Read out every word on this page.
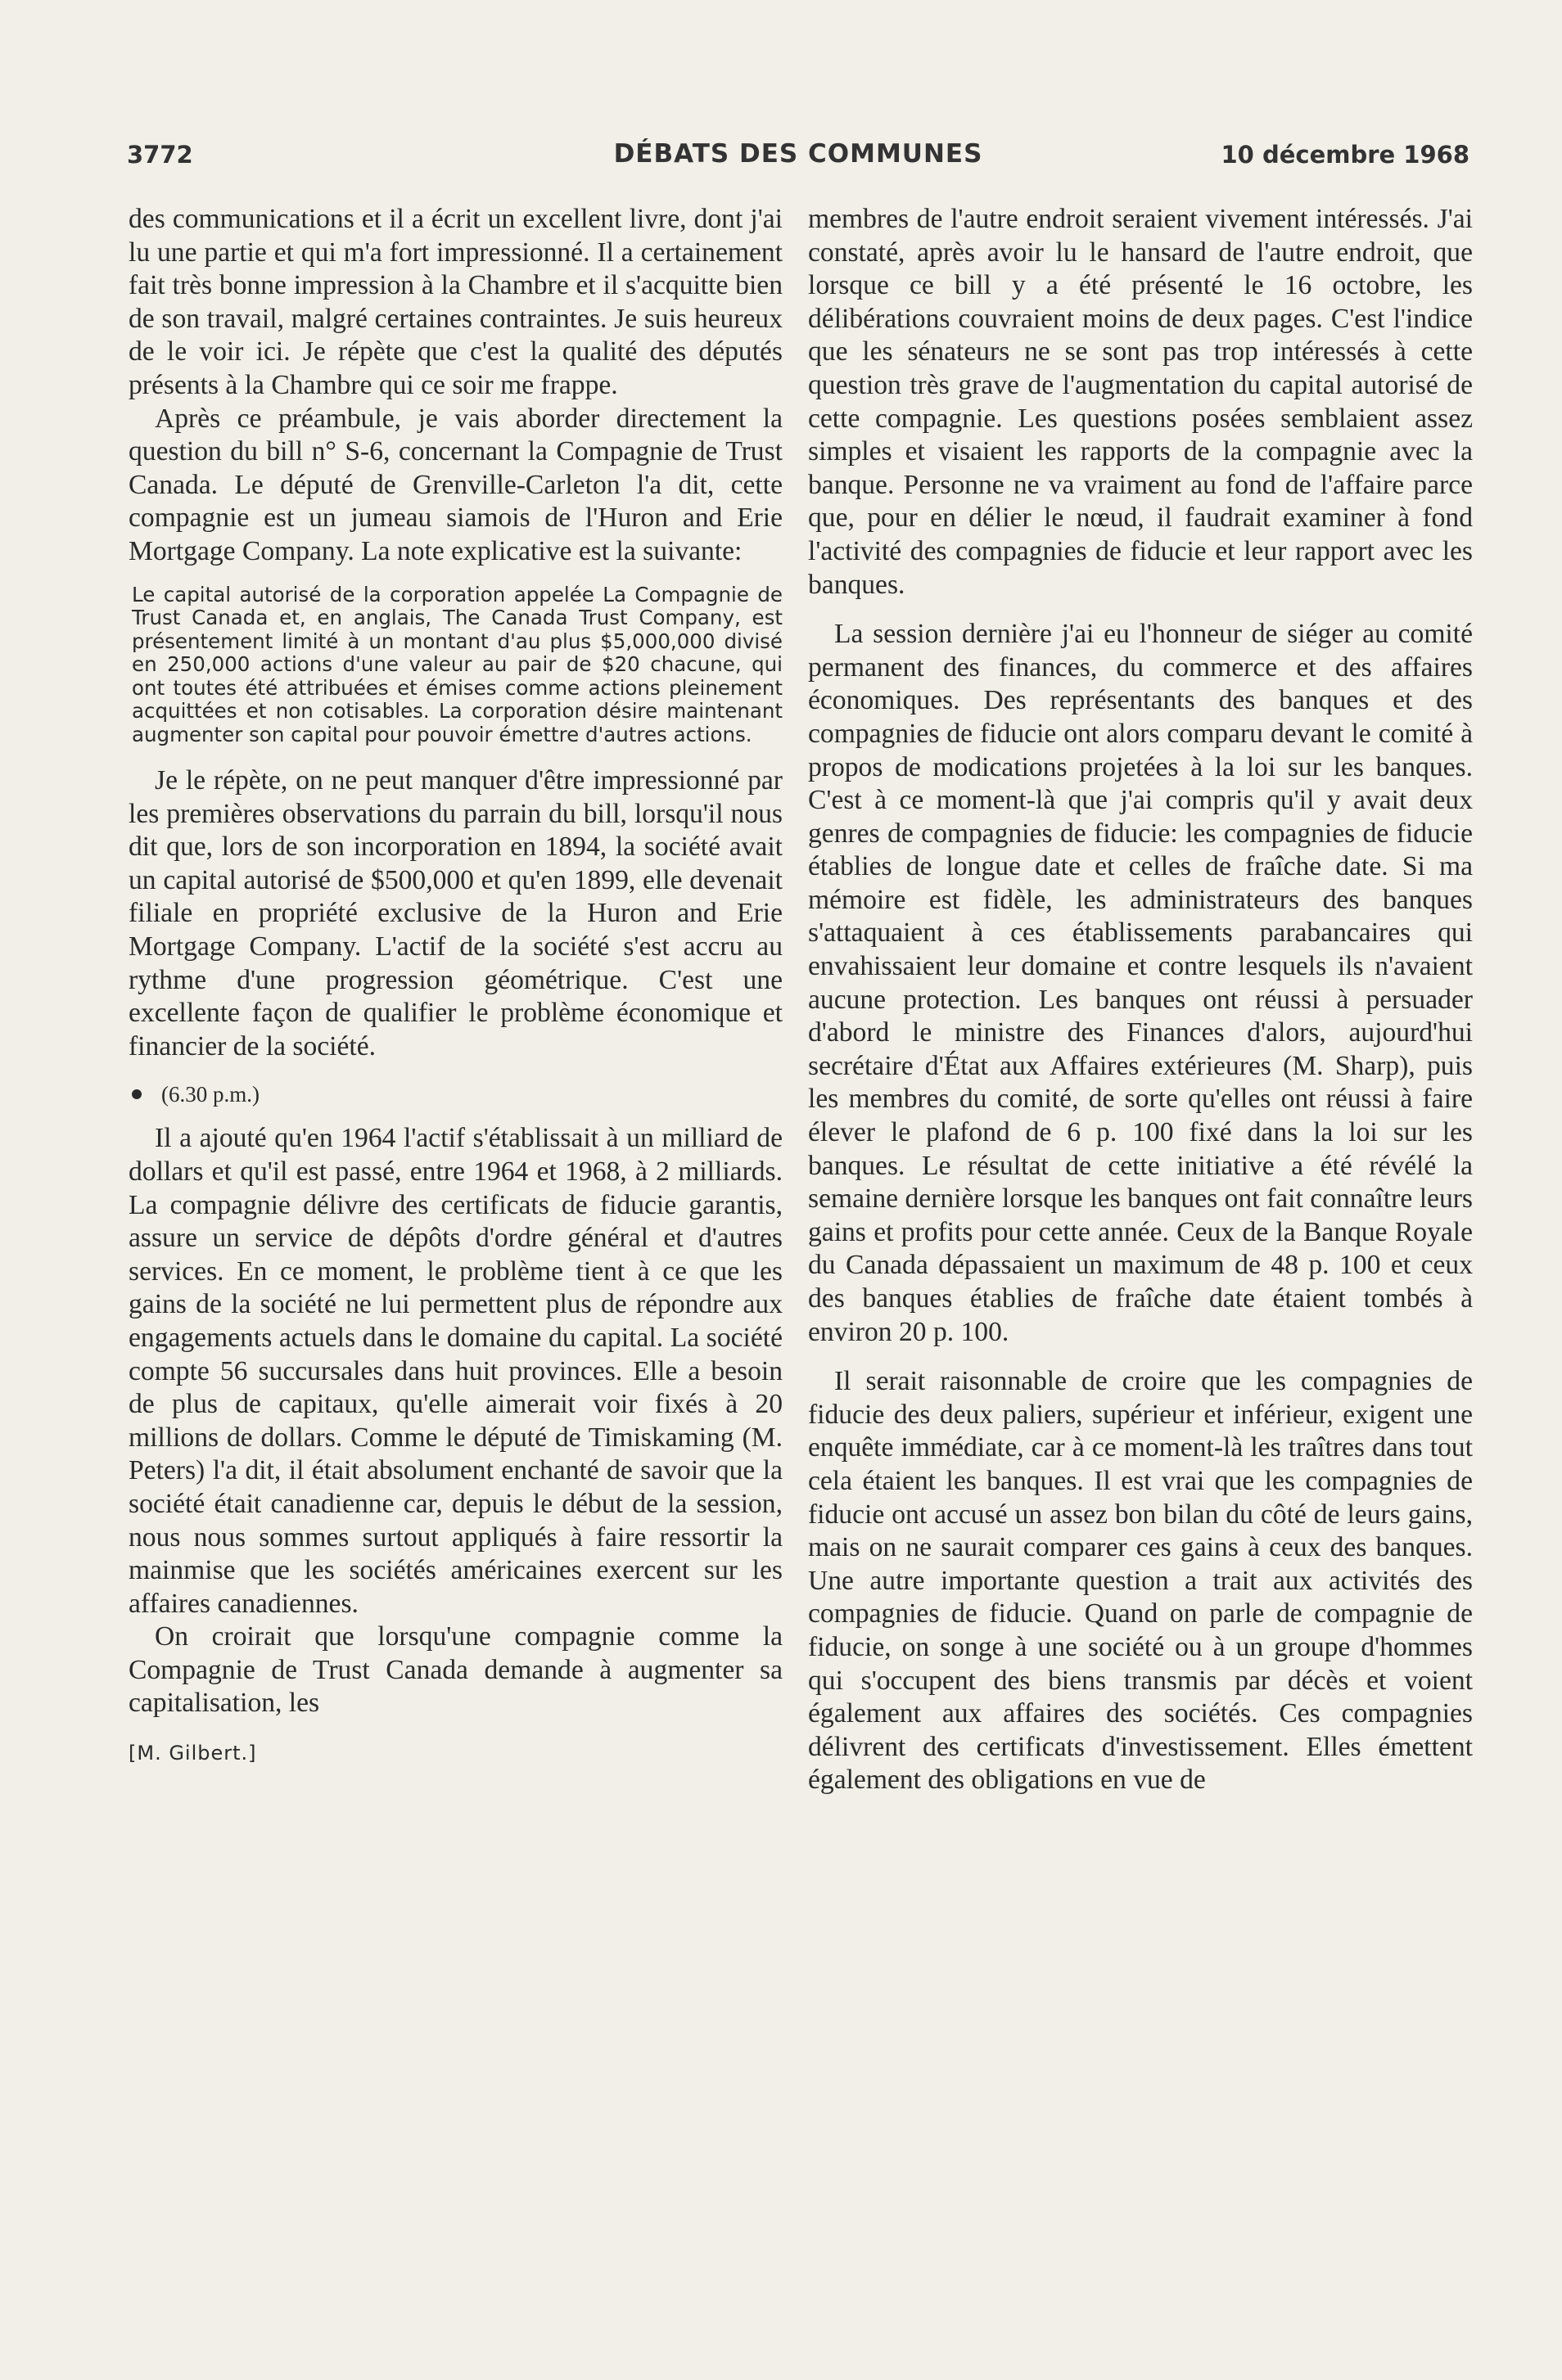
3772	DÉBATS DES COMMUNES	10 décembre 1968

des communications et il a écrit un excellent livre, dont j'ai lu une partie et qui m'a fort impressionné. Il a certainement fait très bonne impression à la Chambre et il s'acquitte bien de son travail, malgré certaines contraintes. Je suis heureux de le voir ici. Je répète que c'est la qualité des députés présents à la Chambre qui ce soir me frappe.

Après ce préambule, je vais aborder directement la question du bill n° S-6, concernant la Compagnie de Trust Canada. Le député de Grenville-Carleton l'a dit, cette compagnie est un jumeau siamois de l'Huron and Erie Mortgage Company. La note explicative est la suivante:

Le capital autorisé de la corporation appelée La Compagnie de Trust Canada et, en anglais, The Canada Trust Company, est présentement limité à un montant d'au plus $5,000,000 divisé en 250,000 actions d'une valeur au pair de $20 chacune, qui ont toutes été attribuées et émises comme actions pleinement acquittées et non cotisables. La corporation désire maintenant augmenter son capital pour pouvoir émettre d'autres actions.

Je le répète, on ne peut manquer d'être impressionné par les premières observations du parrain du bill, lorsqu'il nous dit que, lors de son incorporation en 1894, la société avait un capital autorisé de $500,000 et qu'en 1899, elle devenait filiale en propriété exclusive de la Huron and Erie Mortgage Company. L'actif de la société s'est accru au rythme d'une progression géométrique. C'est une excellente façon de qualifier le problème économique et financier de la société.

(6.30 p.m.)

Il a ajouté qu'en 1964 l'actif s'établissait à un milliard de dollars et qu'il est passé, entre 1964 et 1968, à 2 milliards. La compagnie délivre des certificats de fiducie garantis, assure un service de dépôts d'ordre général et d'autres services. En ce moment, le problème tient à ce que les gains de la société ne lui permettent plus de répondre aux engagements actuels dans le domaine du capital. La société compte 56 succursales dans huit provinces. Elle a besoin de plus de capitaux, qu'elle aimerait voir fixés à 20 millions de dollars. Comme le député de Timiskaming (M. Peters) l'a dit, il était absolument enchanté de savoir que la société était canadienne car, depuis le début de la session, nous nous sommes surtout appliqués à faire ressortir la mainmise que les sociétés américaines exercent sur les affaires canadiennes.

On croirait que lorsqu'une compagnie comme la Compagnie de Trust Canada demande à augmenter sa capitalisation, les

[M. Gilbert.]

membres de l'autre endroit seraient vivement intéressés. J'ai constaté, après avoir lu le hansard de l'autre endroit, que lorsque ce bill y a été présenté le 16 octobre, les délibérations couvraient moins de deux pages. C'est l'indice que les sénateurs ne se sont pas trop intéressés à cette question très grave de l'augmentation du capital autorisé de cette compagnie. Les questions posées semblaient assez simples et visaient les rapports de la compagnie avec la banque. Personne ne va vraiment au fond de l'affaire parce que, pour en délier le nœud, il faudrait examiner à fond l'activité des compagnies de fiducie et leur rapport avec les banques.

La session dernière j'ai eu l'honneur de siéger au comité permanent des finances, du commerce et des affaires économiques. Des représentants des banques et des compagnies de fiducie ont alors comparu devant le comité à propos de modications projetées à la loi sur les banques. C'est à ce moment-là que j'ai compris qu'il y avait deux genres de compagnies de fiducie: les compagnies de fiducie établies de longue date et celles de fraîche date. Si ma mémoire est fidèle, les administrateurs des banques s'attaquaient à ces établissements parabancaires qui envahissaient leur domaine et contre lesquels ils n'avaient aucune protection. Les banques ont réussi à persuader d'abord le ministre des Finances d'alors, aujourd'hui secrétaire d'État aux Affaires extérieures (M. Sharp), puis les membres du comité, de sorte qu'elles ont réussi à faire élever le plafond de 6 p. 100 fixé dans la loi sur les banques. Le résultat de cette initiative a été révélé la semaine dernière lorsque les banques ont fait connaître leurs gains et profits pour cette année. Ceux de la Banque Royale du Canada dépassaient un maximum de 48 p. 100 et ceux des banques établies de fraîche date étaient tombés à environ 20 p. 100.

Il serait raisonnable de croire que les compagnies de fiducie des deux paliers, supérieur et inférieur, exigent une enquête immédiate, car à ce moment-là les traîtres dans tout cela étaient les banques. Il est vrai que les compagnies de fiducie ont accusé un assez bon bilan du côté de leurs gains, mais on ne saurait comparer ces gains à ceux des banques. Une autre importante question a trait aux activités des compagnies de fiducie. Quand on parle de compagnie de fiducie, on songe à une société ou à un groupe d'hommes qui s'occupent des biens transmis par décès et voient également aux affaires des sociétés. Ces compagnies délivrent des certificats d'investissement. Elles émettent également des obligations en vue de
